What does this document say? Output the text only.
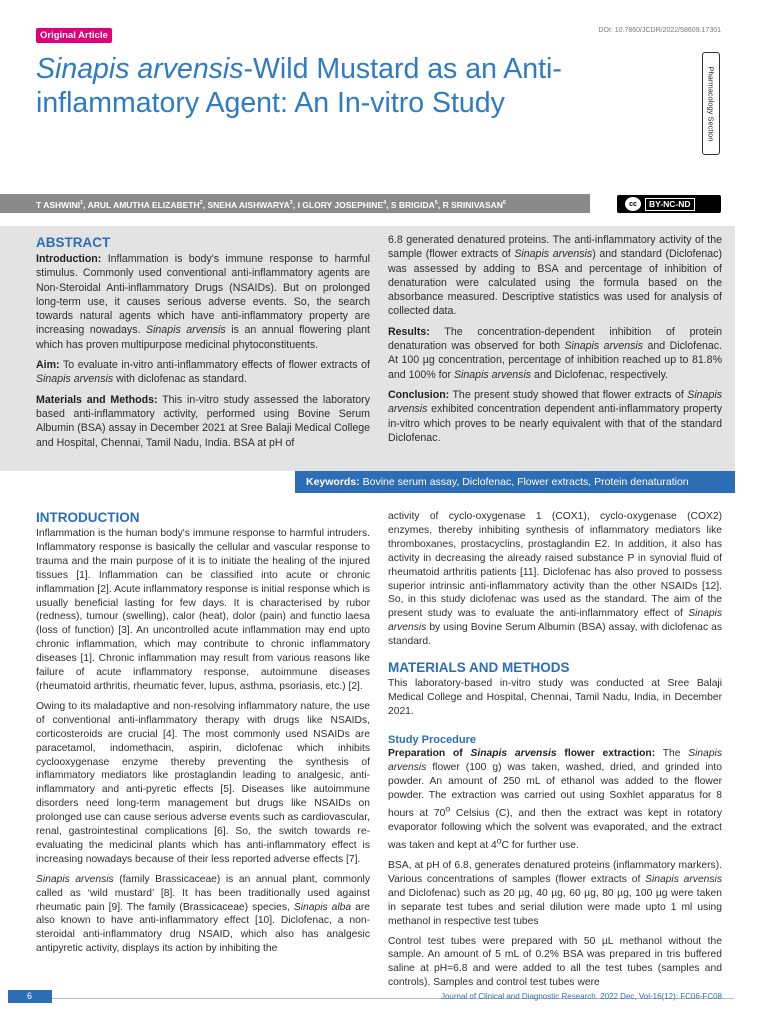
Original Article	DOI: 10.7860/JCDR/2022/58609.17301
Sinapis arvensis-Wild Mustard as an Anti-inflammatory Agent: An In-vitro Study	Pharmacology Section
T ASHWINI$^1$, ARUL AMUTHA ELIZABETH$^2$, SNEHA AISHWARYA$^3$, I GLORY JOSEPHINE$^4$, S BRIGIDA$^5$, R SRINIVASAN$^6$	cc	BY-NC-ND
ABSTRACT

Introduction: Inflammation is body's immune response to harmful stimulus. Commonly used conventional anti-inflammatory agents are Non-Steroidal Anti-inflammatory Drugs (NSAIDs). But on prolonged long-term use, it causes serious adverse events. So, the search towards natural agents which have anti-inflammatory property are increasing nowadays. Sinapis arvensis is an annual flowering plant which has proven multipurpose medicinal phytoconstituents.

Aim: To evaluate in-vitro anti-inflammatory effects of flower extracts of Sinapis arvensis with diclofenac as standard.

Materials and Methods: This in-vitro study assessed the laboratory based anti-inflammatory activity, performed using Bovine Serum Albumin (BSA) assay in December 2021 at Sree Balaji Medical College and Hospital, Chennai, Tamil Nadu, India. BSA at pH of

6.8 generated denatured proteins. The anti-inflammatory activity of the sample (flower extracts of Sinapis arvensis) and standard (Diclofenac) was assessed by adding to BSA and percentage of inhibition of denaturation were calculated using the formula based on the absorbance measured. Descriptive statistics was used for analysis of collected data.

Results: The concentration-dependent inhibition of protein denaturation was observed for both Sinapis arvensis and Diclofenac. At 100 µg concentration, percentage of inhibition reached up to 81.8% and 100% for Sinapis arvensis and Diclofenac, respectively.

Conclusion: The present study showed that flower extracts of Sinapis arvensis exhibited concentration dependent anti-inflammatory property in-vitro which proves to be nearly equivalent with that of the standard Diclofenac.

Keywords: Bovine serum assay, Diclofenac, Flower extracts, Protein denaturation
INTRODUCTION

Inflammation is the human body's immune response to harmful intruders. Inflammatory response is basically the cellular and vascular response to trauma and the main purpose of it is to initiate the healing of the injured tissues [1]. Inflammation can be classified into acute or chronic inflammation [2]. Acute inflammatory response is initial response which is usually beneficial lasting for few days. It is characterised by rubor (redness), tumour (swelling), calor (heat), dolor (pain) and functio laesa (loss of function) [3]. An uncontrolled acute inflammation may end upto chronic inflammation, which may contribute to chronic inflammatory diseases [1]. Chronic inflammation may result from various reasons like failure of acute inflammatory response, autoimmune diseases (rheumatoid arthritis, rheumatic fever, lupus, asthma, psoriasis, etc.) [2].

Owing to its maladaptive and non-resolving inflammatory nature, the use of conventional anti-inflammatory therapy with drugs like NSAIDs, corticosteroids are crucial [4]. The most commonly used NSAIDs are paracetamol, indomethacin, aspirin, diclofenac which inhibits cyclooxygenase enzyme thereby preventing the synthesis of inflammatory mediators like prostaglandin leading to analgesic, anti-inflammatory and anti-pyretic effects [5]. Diseases like autoimmune disorders need long-term management but drugs like NSAIDs on prolonged use can cause serious adverse events such as cardiovascular, renal, gastrointestinal complications [6]. So, the switch towards re-evaluating the medicinal plants which has anti-inflammatory effect is increasing nowadays because of their less reported adverse effects [7].

Sinapis arvensis (family Brassicaceae) is an annual plant, commonly called as ‘wild mustard’ [8]. It has been traditionally used against rheumatic pain [9]. The family (Brassicaceae) species, Sinapis alba are also known to have anti-inflammatory effect [10]. Diclofenac, a non-steroidal anti-inflammatory drug NSAID, which also has analgesic antipyretic activity, displays its action by inhibiting the

activity of cyclo-oxygenase 1 (COX1), cyclo-oxygenase (COX2) enzymes, thereby inhibiting synthesis of inflammatory mediators like thromboxanes, prostacyclins, prostaglandin E2. In addition, it also has activity in decreasing the already raised substance P in synovial fluid of rheumatoid arthritis patients [11]. Diclofenac has also proved to possess superior intrinsic anti-inflammatory activity than the other NSAIDs [12]. So, in this study diclofenac was used as the standard. The aim of the present study was to evaluate the anti-inflammatory effect of Sinapis arvensis by using Bovine Serum Albumin (BSA) assay, with diclofenac as standard.

MATERIALS AND METHODS

This laboratory-based in-vitro study was conducted at Sree Balaji Medical College and Hospital, Chennai, Tamil Nadu, India, in December 2021.

Study Procedure

Preparation of Sinapis arvensis flower extraction: The Sinapis arvensis flower (100 g) was taken, washed, dried, and grinded into powder. An amount of 250 mL of ethanol was added to the flower powder. The extraction was carried out using Soxhlet apparatus for 8 hours at 70$^o$ Celsius (C), and then the extract was kept in rotatory evaporator following which the solvent was evaporated, and the extract was taken and kept at 4$^o$C for further use.

BSA, at pH of 6.8, generates denatured proteins (inflammatory markers). Various concentrations of samples (flower extracts of Sinapis arvensis and Diclofenac) such as 20 µg, 40 µg, 60 µg, 80 µg, 100 µg were taken in separate test tubes and serial dilution were made upto 1 ml using methanol in respective test tubes

Control test tubes were prepared with 50 µL methanol without the sample. An amount of 5 mL of 0.2% BSA was prepared in tris buffered saline at pH=6.8 and were added to all the test tubes (samples and controls). Samples and control test tubes were

6	Journal of Clinical and Diagnostic Research. 2022 Dec, Vol-16(12): FC06-FC08
